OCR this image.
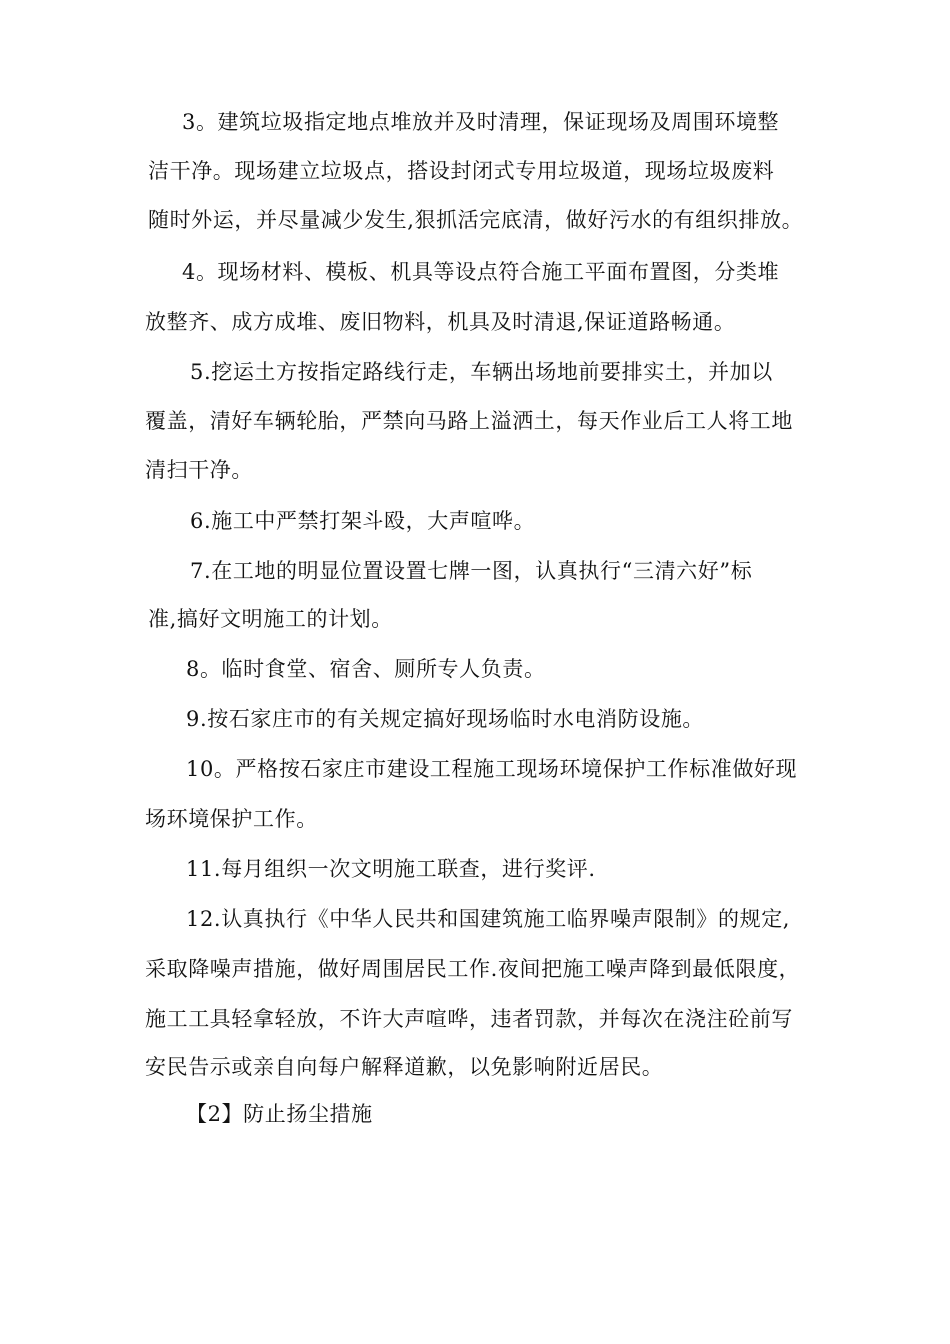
3。建筑垃圾指定地点堆放并及时清理，保证现场及周围环境整
洁干净。现场建立垃圾点，搭设封闭式专用垃圾道，现场垃圾废料
随时外运，并尽量减少发生,狠抓活完底清，做好污水的有组织排放。
4。现场材料、模板、机具等设点符合施工平面布置图，分类堆
放整齐、成方成堆、废旧物料，机具及时清退,保证道路畅通。
5.挖运土方按指定路线行走，车辆出场地前要排实土，并加以
覆盖，清好车辆轮胎，严禁向马路上溢洒土，每天作业后工人将工地
清扫干净。
6.施工中严禁打架斗殴，大声喧哗。
7.在工地的明显位置设置七牌一图，认真执行“三清六好”标
准,搞好文明施工的计划。
8。临时食堂、宿舍、厕所专人负责。
9.按石家庄市的有关规定搞好现场临时水电消防设施。
10。严格按石家庄市建设工程施工现场环境保护工作标准做好现
场环境保护工作。
11.每月组织一次文明施工联查，进行奖评.
12.认真执行《中华人民共和国建筑施工临界噪声限制》的规定,
采取降噪声措施，做好周围居民工作.夜间把施工噪声降到最低限度，
施工工具轻拿轻放，不许大声喧哗，违者罚款，并每次在浇注砼前写
安民告示或亲自向每户解释道歉，以免影响附近居民。
【2】防止扬尘措施
